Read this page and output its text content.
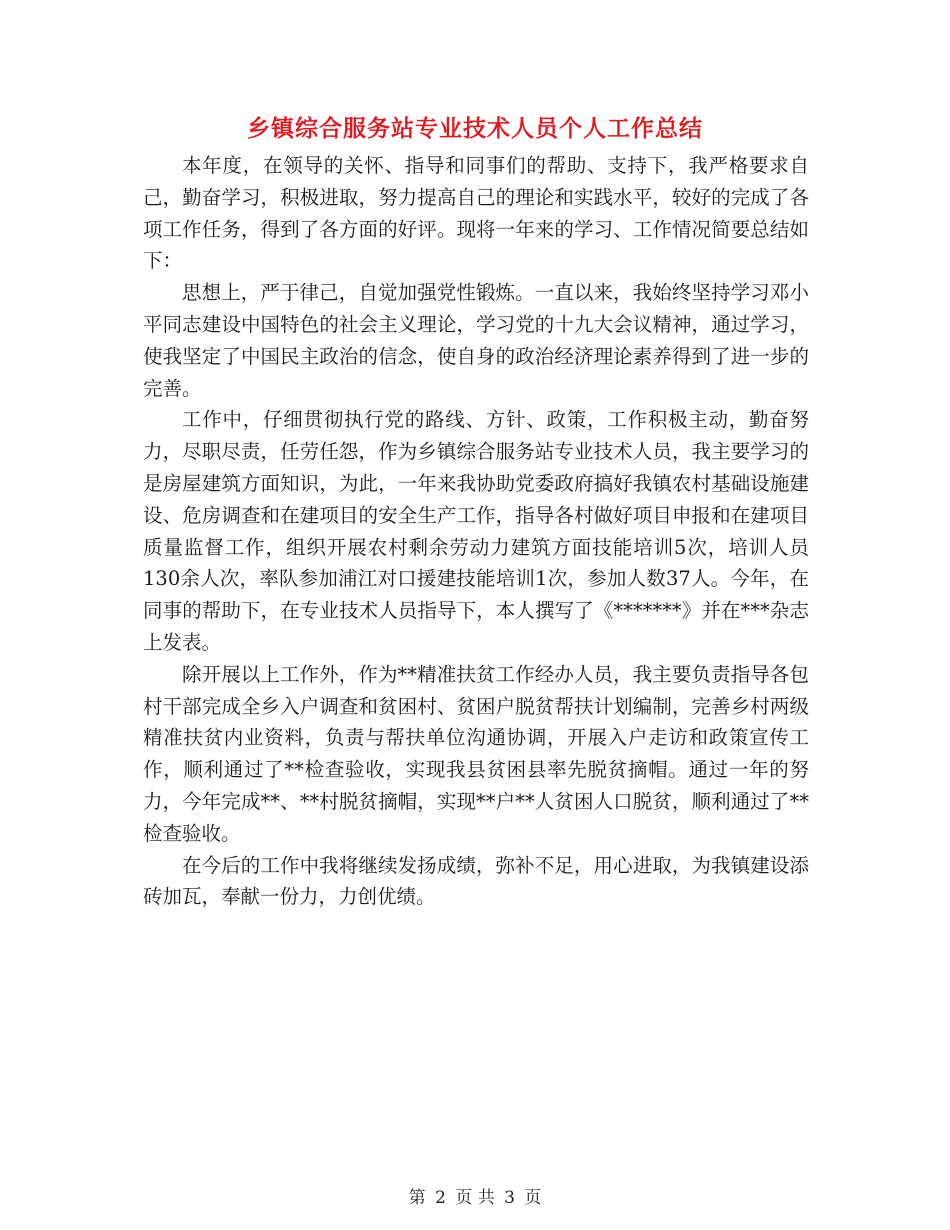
乡镇综合服务站专业技术人员个人工作总结

本年度，在领导的关怀、指导和同事们的帮助、支持下，我严格要求自己，勤奋学习，积极进取，努力提高自己的理论和实践水平，较好的完成了各项工作任务，得到了各方面的好评。现将一年来的学习、工作情况简要总结如下：

思想上，严于律己，自觉加强党性锻炼。一直以来，我始终坚持学习邓小平同志建设中国特色的社会主义理论，学习党的十九大会议精神，通过学习，使我坚定了中国民主政治的信念，使自身的政治经济理论素养得到了进一步的完善。

工作中，仔细贯彻执行党的路线、方针、政策，工作积极主动，勤奋努力，尽职尽责，任劳任怨，作为乡镇综合服务站专业技术人员，我主要学习的是房屋建筑方面知识，为此，一年来我协助党委政府搞好我镇农村基础设施建设、危房调查和在建项目的安全生产工作，指导各村做好项目申报和在建项目质量监督工作，组织开展农村剩余劳动力建筑方面技能培训5次，培训人员130余人次，率队参加浦江对口援建技能培训1次，参加人数37人。今年，在同事的帮助下，在专业技术人员指导下，本人撰写了《*******》并在***杂志上发表。

除开展以上工作外，作为**精准扶贫工作经办人员，我主要负责指导各包村干部完成全乡入户调查和贫困村、贫困户脱贫帮扶计划编制，完善乡村两级精准扶贫内业资料，负责与帮扶单位沟通协调，开展入户走访和政策宣传工作，顺利通过了**检查验收，实现我县贫困县率先脱贫摘帽。通过一年的努力，今年完成**、**村脱贫摘帽，实现**户**人贫困人口脱贫，顺利通过了**检查验收。

在今后的工作中我将继续发扬成绩，弥补不足，用心进取，为我镇建设添砖加瓦，奉献一份力，力创优绩。

第 2 页 共 3 页
